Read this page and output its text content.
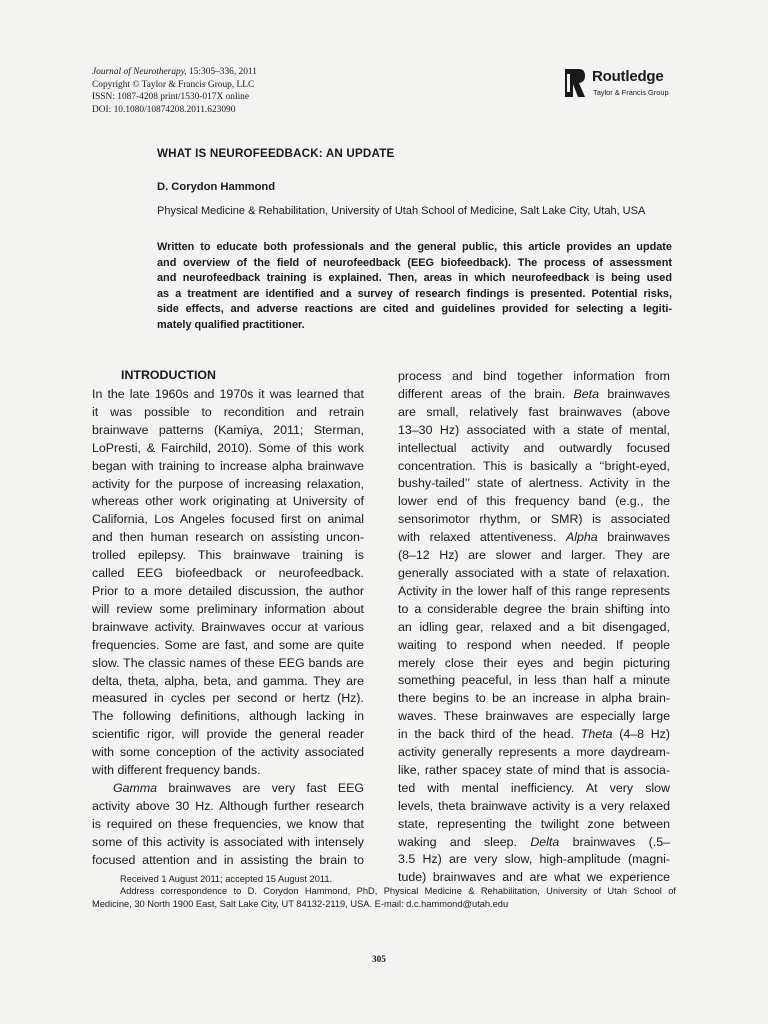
Journal of Neurotherapy, 15:305–336, 2011
Copyright © Taylor & Francis Group, LLC
ISSN: 1087-4208 print/1530-017X online
DOI: 10.1080/10874208.2011.623090
Routledge
Taylor & Francis Group
WHAT IS NEUROFEEDBACK: AN UPDATE
D. Corydon Hammond
Physical Medicine & Rehabilitation, University of Utah School of Medicine, Salt Lake City, Utah, USA
Written to educate both professionals and the general public, this article provides an update
and overview of the field of neurofeedback (EEG biofeedback). The process of assessment
and neurofeedback training is explained. Then, areas in which neurofeedback is being used
as a treatment are identified and a survey of research findings is presented. Potential risks,
side effects, and adverse reactions are cited and guidelines provided for selecting a legiti-
mately qualified practitioner.
INTRODUCTION
In the late 1960s and 1970s it was learned that
it was possible to recondition and retrain
brainwave patterns (Kamiya, 2011; Sterman,
LoPresti, & Fairchild, 2010). Some of this work
began with training to increase alpha brainwave
activity for the purpose of increasing relaxation,
whereas other work originating at University of
California, Los Angeles focused first on animal
and then human research on assisting uncon-
trolled epilepsy. This brainwave training is
called EEG biofeedback or neurofeedback.
Prior to a more detailed discussion, the author
will review some preliminary information about
brainwave activity. Brainwaves occur at various
frequencies. Some are fast, and some are quite
slow. The classic names of these EEG bands are
delta, theta, alpha, beta, and gamma. They are
measured in cycles per second or hertz (Hz).
The following definitions, although lacking in
scientific rigor, will provide the general reader
with some conception of the activity associated
with different frequency bands.
Gamma brainwaves are very fast EEG
activity above 30 Hz. Although further research
is required on these frequencies, we know that
some of this activity is associated with intensely
focused attention and in assisting the brain to
process and bind together information from
different areas of the brain. Beta brainwaves
are small, relatively fast brainwaves (above
13–30 Hz) associated with a state of mental,
intellectual activity and outwardly focused
concentration. This is basically a ‘‘bright-eyed,
bushy-tailed’’ state of alertness. Activity in the
lower end of this frequency band (e.g., the
sensorimotor rhythm, or SMR) is associated
with relaxed attentiveness. Alpha brainwaves
(8–12 Hz) are slower and larger. They are
generally associated with a state of relaxation.
Activity in the lower half of this range represents
to a considerable degree the brain shifting into
an idling gear, relaxed and a bit disengaged,
waiting to respond when needed. If people
merely close their eyes and begin picturing
something peaceful, in less than half a minute
there begins to be an increase in alpha brain-
waves. These brainwaves are especially large
in the back third of the head. Theta (4–8 Hz)
activity generally represents a more daydream-
like, rather spacey state of mind that is associa-
ted with mental inefficiency. At very slow
levels, theta brainwave activity is a very relaxed
state, representing the twilight zone between
waking and sleep. Delta brainwaves (.5–
3.5 Hz) are very slow, high-amplitude (magni-
tude) brainwaves and are what we experience
Received 1 August 2011; accepted 15 August 2011.
Address correspondence to D. Corydon Hammond, PhD, Physical Medicine & Rehabilitation, University of Utah School of
Medicine, 30 North 1900 East, Salt Lake City, UT 84132-2119, USA. E-mail: d.c.hammond@utah.edu
305
